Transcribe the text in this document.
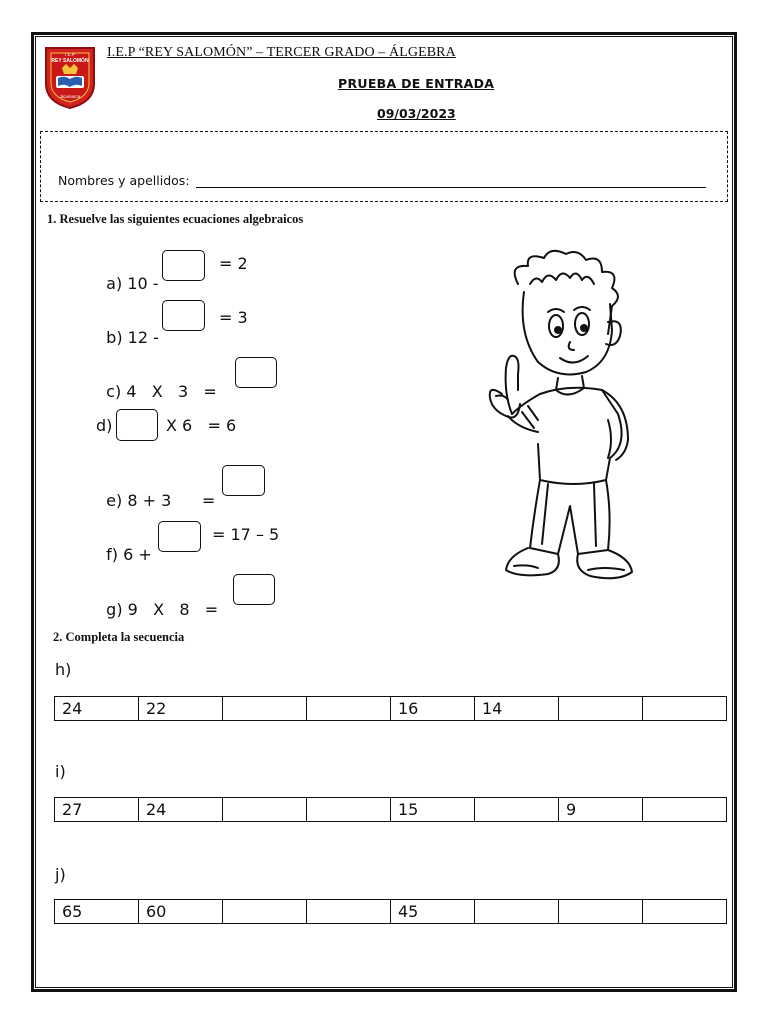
I.E.P
REY SALOMÓN
Jicamarca
I.E.P “REY SALOMÓN” – TERCER GRADO – ÁLGEBRA
PRUEBA DE ENTRADA
09/03/2023
Nombres y apellidos:
1. Resuelve las siguientes ecuaciones algebraicos

a) 10 -

= 2

b) 12 -

= 3

c) 4   X   3   =

d)	X 6   = 6

e) 8 + 3      =

f) 6 +

= 17 – 5

g) 9   X   8   =

2. Completa la secuencia
h)
24	22			16	14		
i)
27	24			15		9	
j)
65	60			45			
